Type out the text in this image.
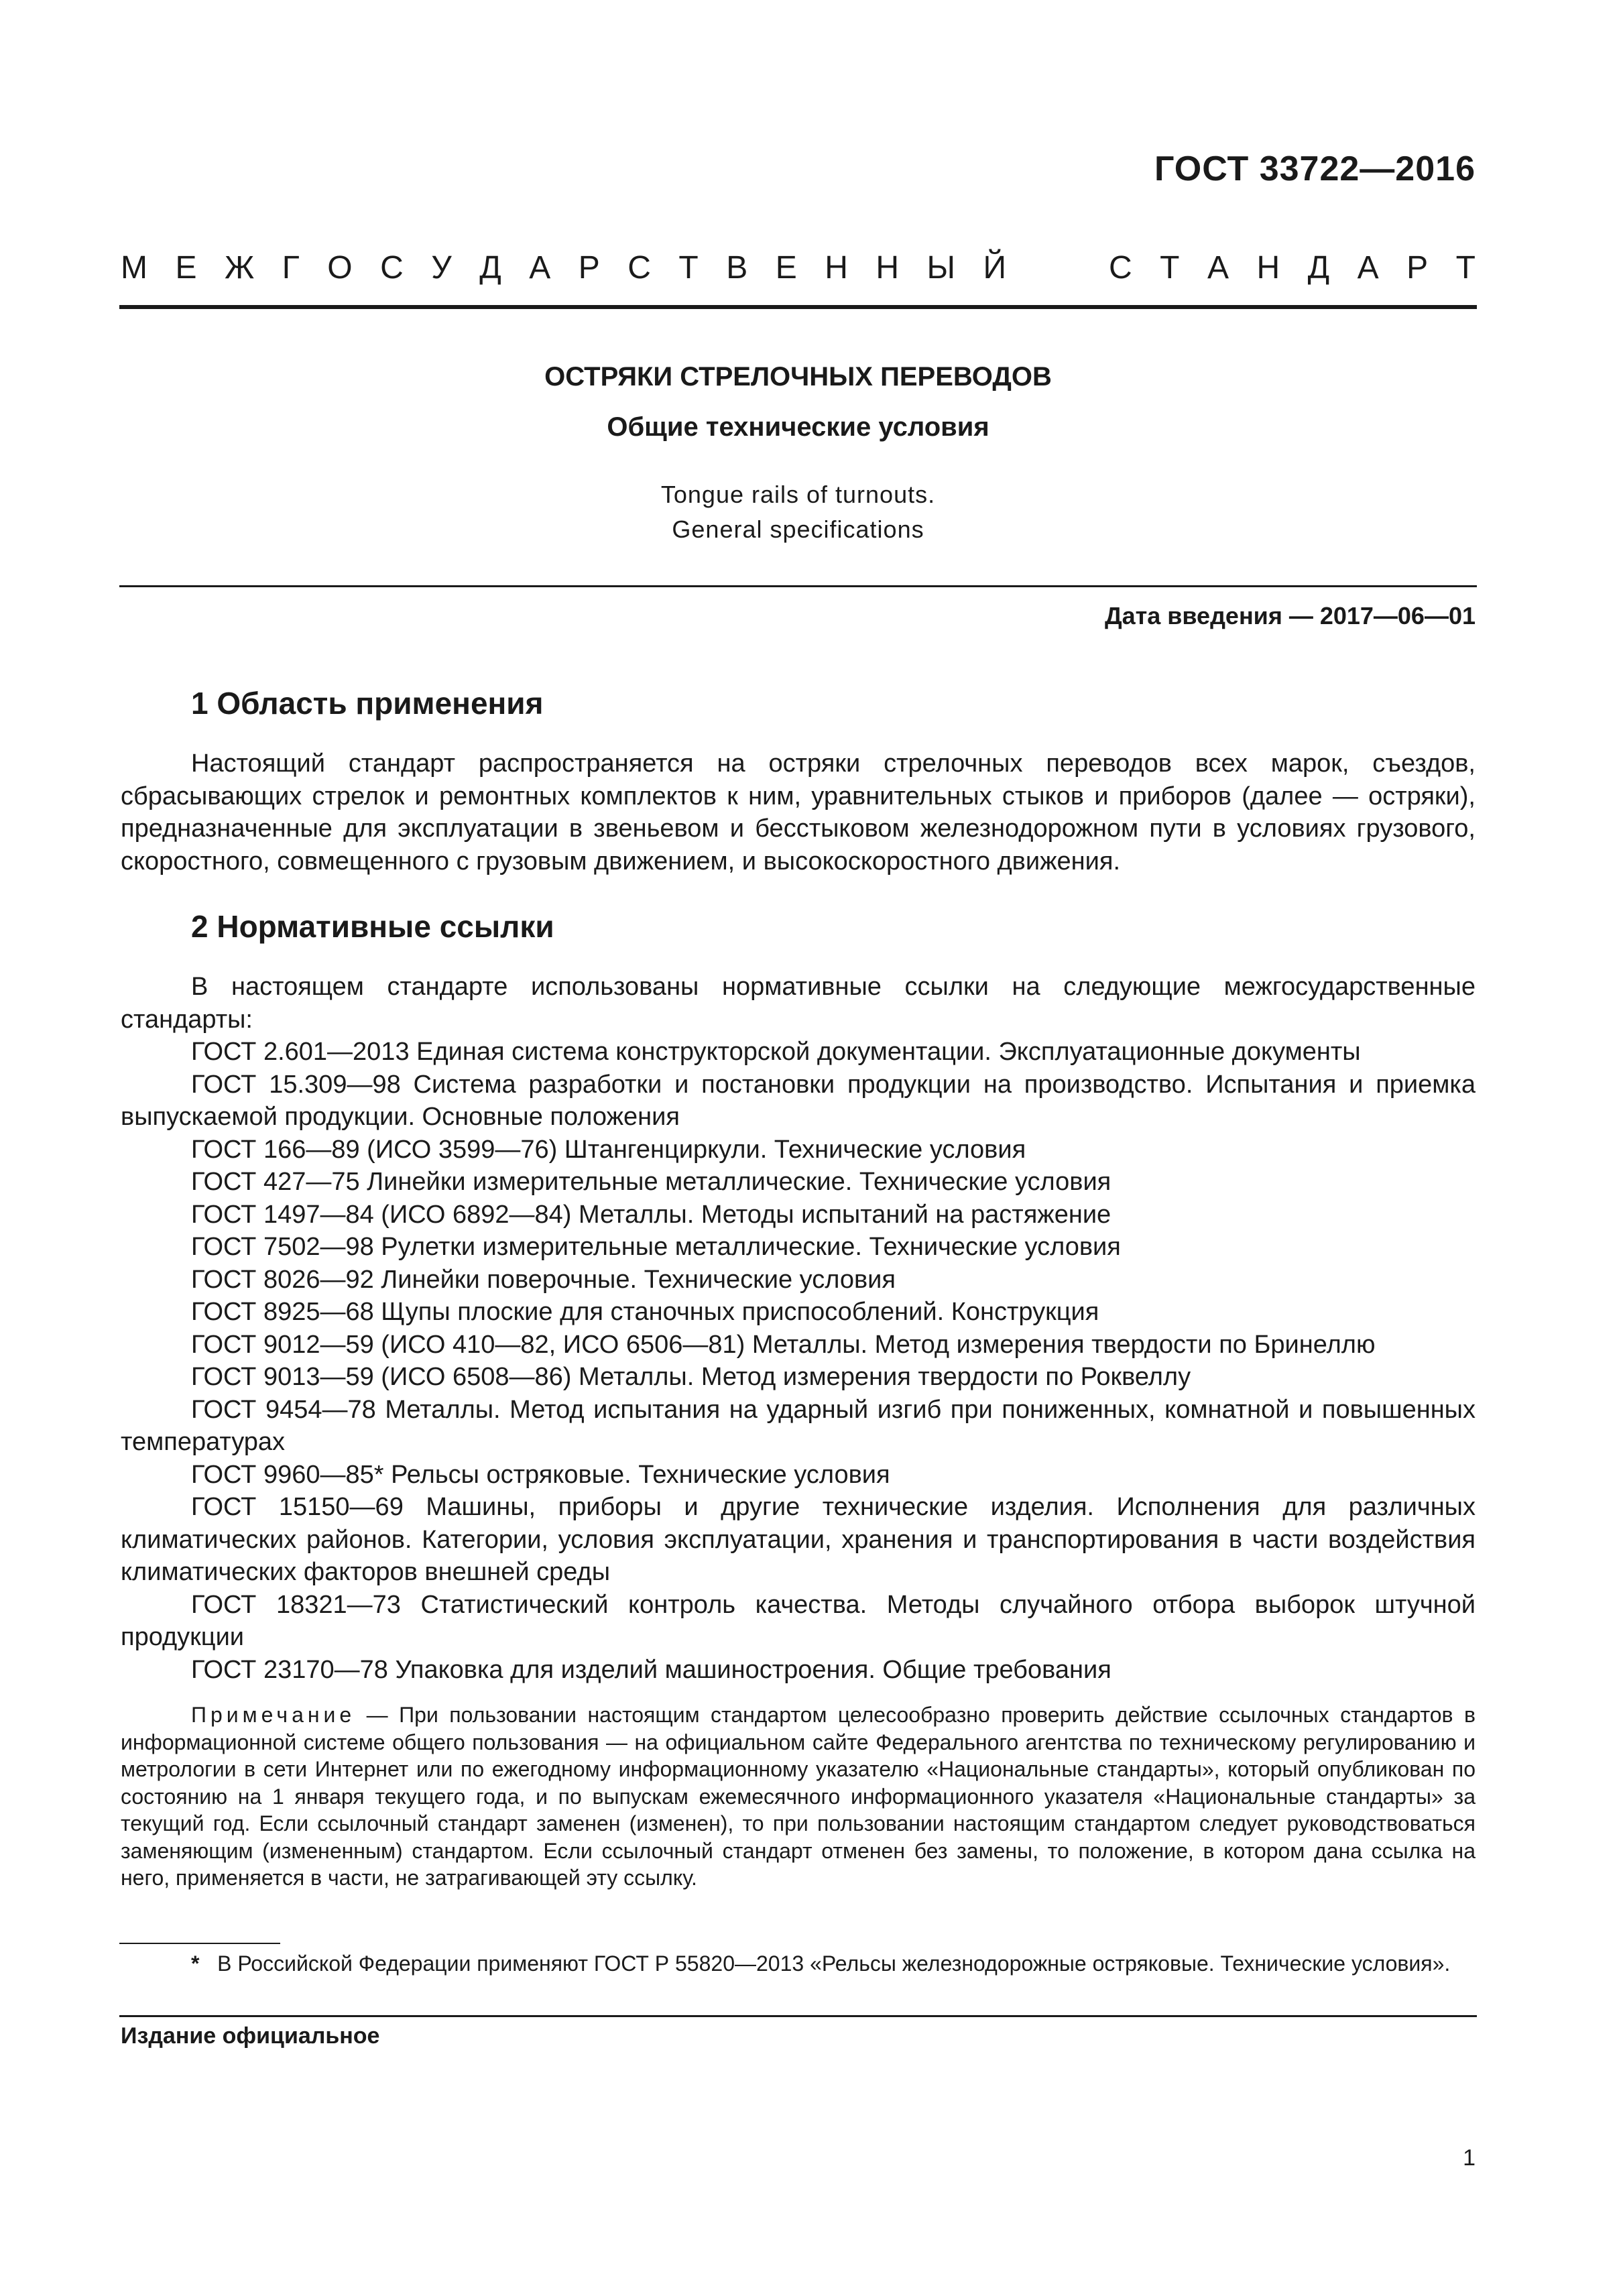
ГОСТ 33722—2016
М Е Ж Г О С У Д А Р С Т В Е Н Н Ы Й	С Т А Н Д А Р Т
ОСТРЯКИ СТРЕЛОЧНЫХ ПЕРЕВОДОВ
Общие технические условия
Tongue rails of turnouts.
General specifications
Дата введения — 2017—06—01
1 Область применения

Настоящий стандарт распространяется на остряки стрелочных переводов всех марок, съездов, сбрасывающих стрелок и ремонтных комплектов к ним, уравнительных стыков и приборов (далее — остряки), предназначенные для эксплуатации в звеньевом и бесстыковом железнодорожном пути в условиях грузового, скоростного, совмещенного с грузовым движением, и высокоскоростного движения.

2 Нормативные ссылки

В настоящем стандарте использованы нормативные ссылки на следующие межгосударственные стандарты:

ГОСТ 2.601—2013 Единая система конструкторской документации. Эксплуатационные документы

ГОСТ 15.309—98 Система разработки и постановки продукции на производство. Испытания и приемка выпускаемой продукции. Основные положения

ГОСТ 166—89 (ИСО 3599—76) Штангенциркули. Технические условия

ГОСТ 427—75 Линейки измерительные металлические. Технические условия

ГОСТ 1497—84 (ИСО 6892—84) Металлы. Методы испытаний на растяжение

ГОСТ 7502—98 Рулетки измерительные металлические. Технические условия

ГОСТ 8026—92 Линейки поверочные. Технические условия

ГОСТ 8925—68 Щупы плоские для станочных приспособлений. Конструкция

ГОСТ 9012—59 (ИСО 410—82, ИСО 6506—81) Металлы. Метод измерения твердости по Бринеллю

ГОСТ 9013—59 (ИСО 6508—86) Металлы. Метод измерения твердости по Роквеллу

ГОСТ 9454—78 Металлы. Метод испытания на ударный изгиб при пониженных, комнатной и повышенных температурах

ГОСТ 9960—85* Рельсы остряковые. Технические условия

ГОСТ 15150—69 Машины, приборы и другие технические изделия. Исполнения для различных климатических районов. Категории, условия эксплуатации, хранения и транспортирования в части воздействия климатических факторов внешней среды

ГОСТ 18321—73 Статистический контроль качества. Методы случайного отбора выборок штучной продукции

ГОСТ 23170—78 Упаковка для изделий машиностроения. Общие требования

Примечание — При пользовании настоящим стандартом целесообразно проверить действие ссылочных стандартов в информационной системе общего пользования — на официальном сайте Федерального агентства по техническому регулированию и метрологии в сети Интернет или по ежегодному информационному указателю «Национальные стандарты», который опубликован по состоянию на 1 января текущего года, и по выпускам ежемесячного информационного указателя «Национальные стандарты» за текущий год. Если ссылочный стандарт заменен (изменен), то при пользовании настоящим стандартом следует руководствоваться заменяющим (измененным) стандартом. Если ссылочный стандарт отменен без замены, то положение, в котором дана ссылка на него, применяется в части, не затрагивающей эту ссылку.

* В Российской Федерации применяют ГОСТ Р 55820—2013 «Рельсы железнодорожные остряковые. Технические условия».

Издание официальное
1
